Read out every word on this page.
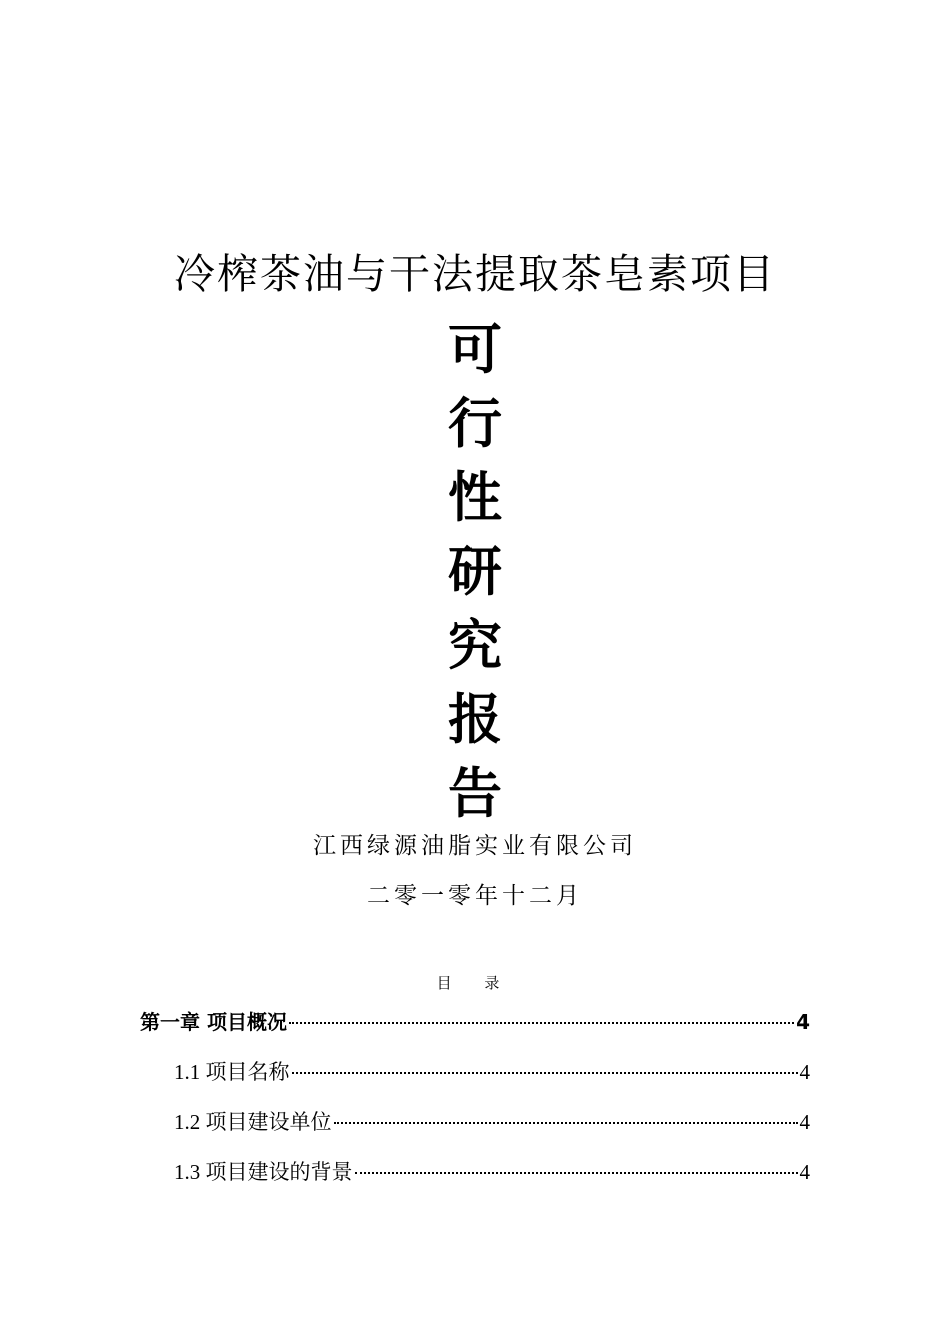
冷榨茶油与干法提取茶皂素项目
可
行
性
研
究
报
告
江西绿源油脂实业有限公司
二零一零年十二月
目 录
第一章 项目概况	4
1.1 项目名称	4
1.2 项目建设单位	4
1.3 项目建设的背景	4
